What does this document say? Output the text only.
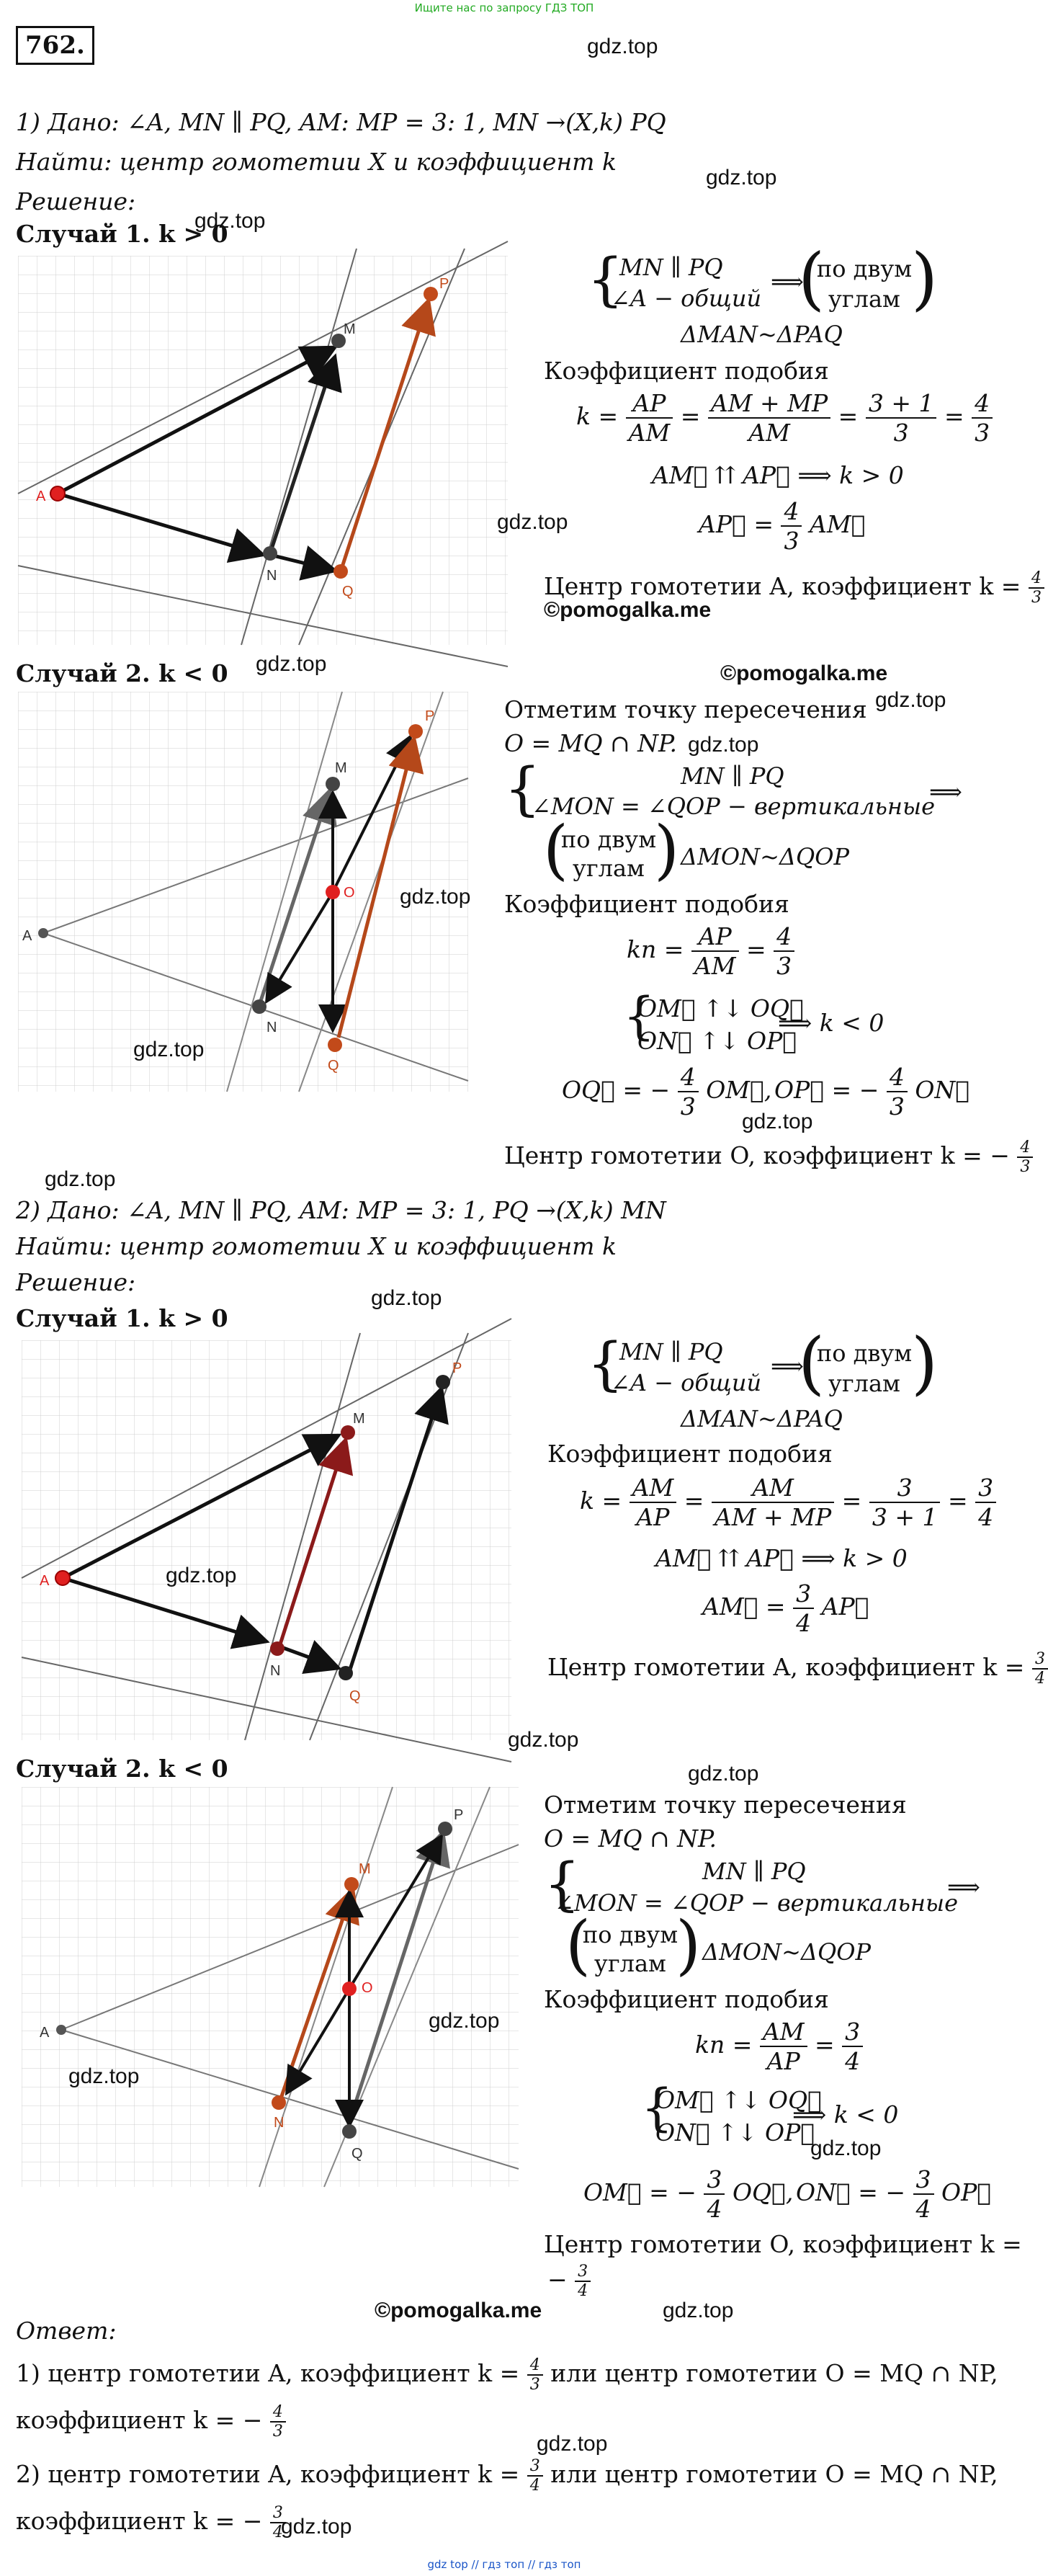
Ищите нас по запросу ГДЗ ТОП
762.	gdz.top
1) Дано: ∠A, MN ∥ PQ, AM: MP = 3: 1, MN →(X,k) PQ
Найти: центр гомотетии X и коэффициент k
gdz.top
Решение:
Случай 1. k > 0
gdz.top
A
M
N
P
Q
{
MN ∥ PQ
∠A − общий
⟹ по двум
углам
( )
ΔMAN~ΔPAQ
Коэффициент подобия
$k = \frac{AP}{AM} = \frac{AM + MP}{AM} = \frac{3 + 1}{3} = \frac{4}{3}$
AM⃗ ⇈ AP⃗ ⟹ k > 0
AP⃗ = $\frac{4}{3}$ AM⃗
gdz.top
Центр гомотетии A, коэффициент $k = \frac{4}{3}$
©pomogalka.me
Случай 2. k < 0 gdz.top	©pomogalka.me
gdz.top
A
M
N
O
P
Q
gdz.top
gdz.top
Отметим точку пересечения
O = MQ ∩ NP. gdz.top
{	MN ∥ PQ
∠MON = ∠QOP − вертикальные
⟹
(
по двум
углам ) ΔMON~ΔQOP
Коэффициент подобия
kп = $\frac{AP}{AM} = \frac{4}{3}$
{
OM⃗ ↑↓ OQ⃗
ON⃗ ↑↓ OP⃗
⟹ k < 0
OQ⃗ = − $\frac{4}{3}$ OM⃗, OP⃗ = − $\frac{4}{3}$ ON⃗
gdz.top
Центр гомотетии O, коэффициент k = − $\frac{4}{3}$
gdz.top
2) Дано: ∠A, MN ∥ PQ, AM: MP = 3: 1, PQ →(X,k) MN
Найти: центр гомотетии X и коэффициент k
Решение:
gdz.top
Случай 1. k > 0
A
M
N
P
Q
gdz.top
{
MN ∥ PQ
∠A − общий
⟹
(
по двум
углам )
ΔMAN~ΔPAQ
Коэффициент подобия
$k = \frac{AM}{AP} = \frac{AM}{AM + MP} = \frac{3}{3 + 1} = \frac{3}{4}$
AM⃗ ⇈ AP⃗ ⟹ k > 0
AM⃗ = $\frac{3}{4}$ AP⃗
Центр гомотетии A, коэффициент $k = \frac{3}{4}$
gdz.top
Случай 2. k < 0	gdz.top
A
M
N
O
P
Q
gdz.top
gdz.top
Отметим точку пересечения
O = MQ ∩ NP.
{	MN ∥ PQ
∠MON = ∠QOP − вертикальные
⟹
(
по двум
углам ) ΔMON~ΔQOP
Коэффициент подобия
kп = $\frac{AM}{AP} = \frac{3}{4}$
{
OM⃗ ↑↓ OQ⃗
ON⃗ ↑↓ OP⃗
⟹ k < 0
gdz.top
OM⃗ = − $\frac{3}{4}$ OQ⃗, ON⃗ = − $\frac{3}{4}$ OP⃗
Центр гомотетии O, коэффициент k =
− $\frac{3}{4}$
©pomogalka.me	gdz.top
Ответ:
1) центр гомотетии A, коэффициент $k = \frac{4}{3}$ или центр гомотетии O = MQ ∩ NP,
коэффициент k = − $\frac{4}{3}$
gdz.top
2) центр гомотетии A, коэффициент $k = \frac{3}{4}$ или центр гомотетии O = MQ ∩ NP,
коэффициент k = − $\frac{3}{4}$
gdz.top
gdz top // гдз топ // гдз топ
